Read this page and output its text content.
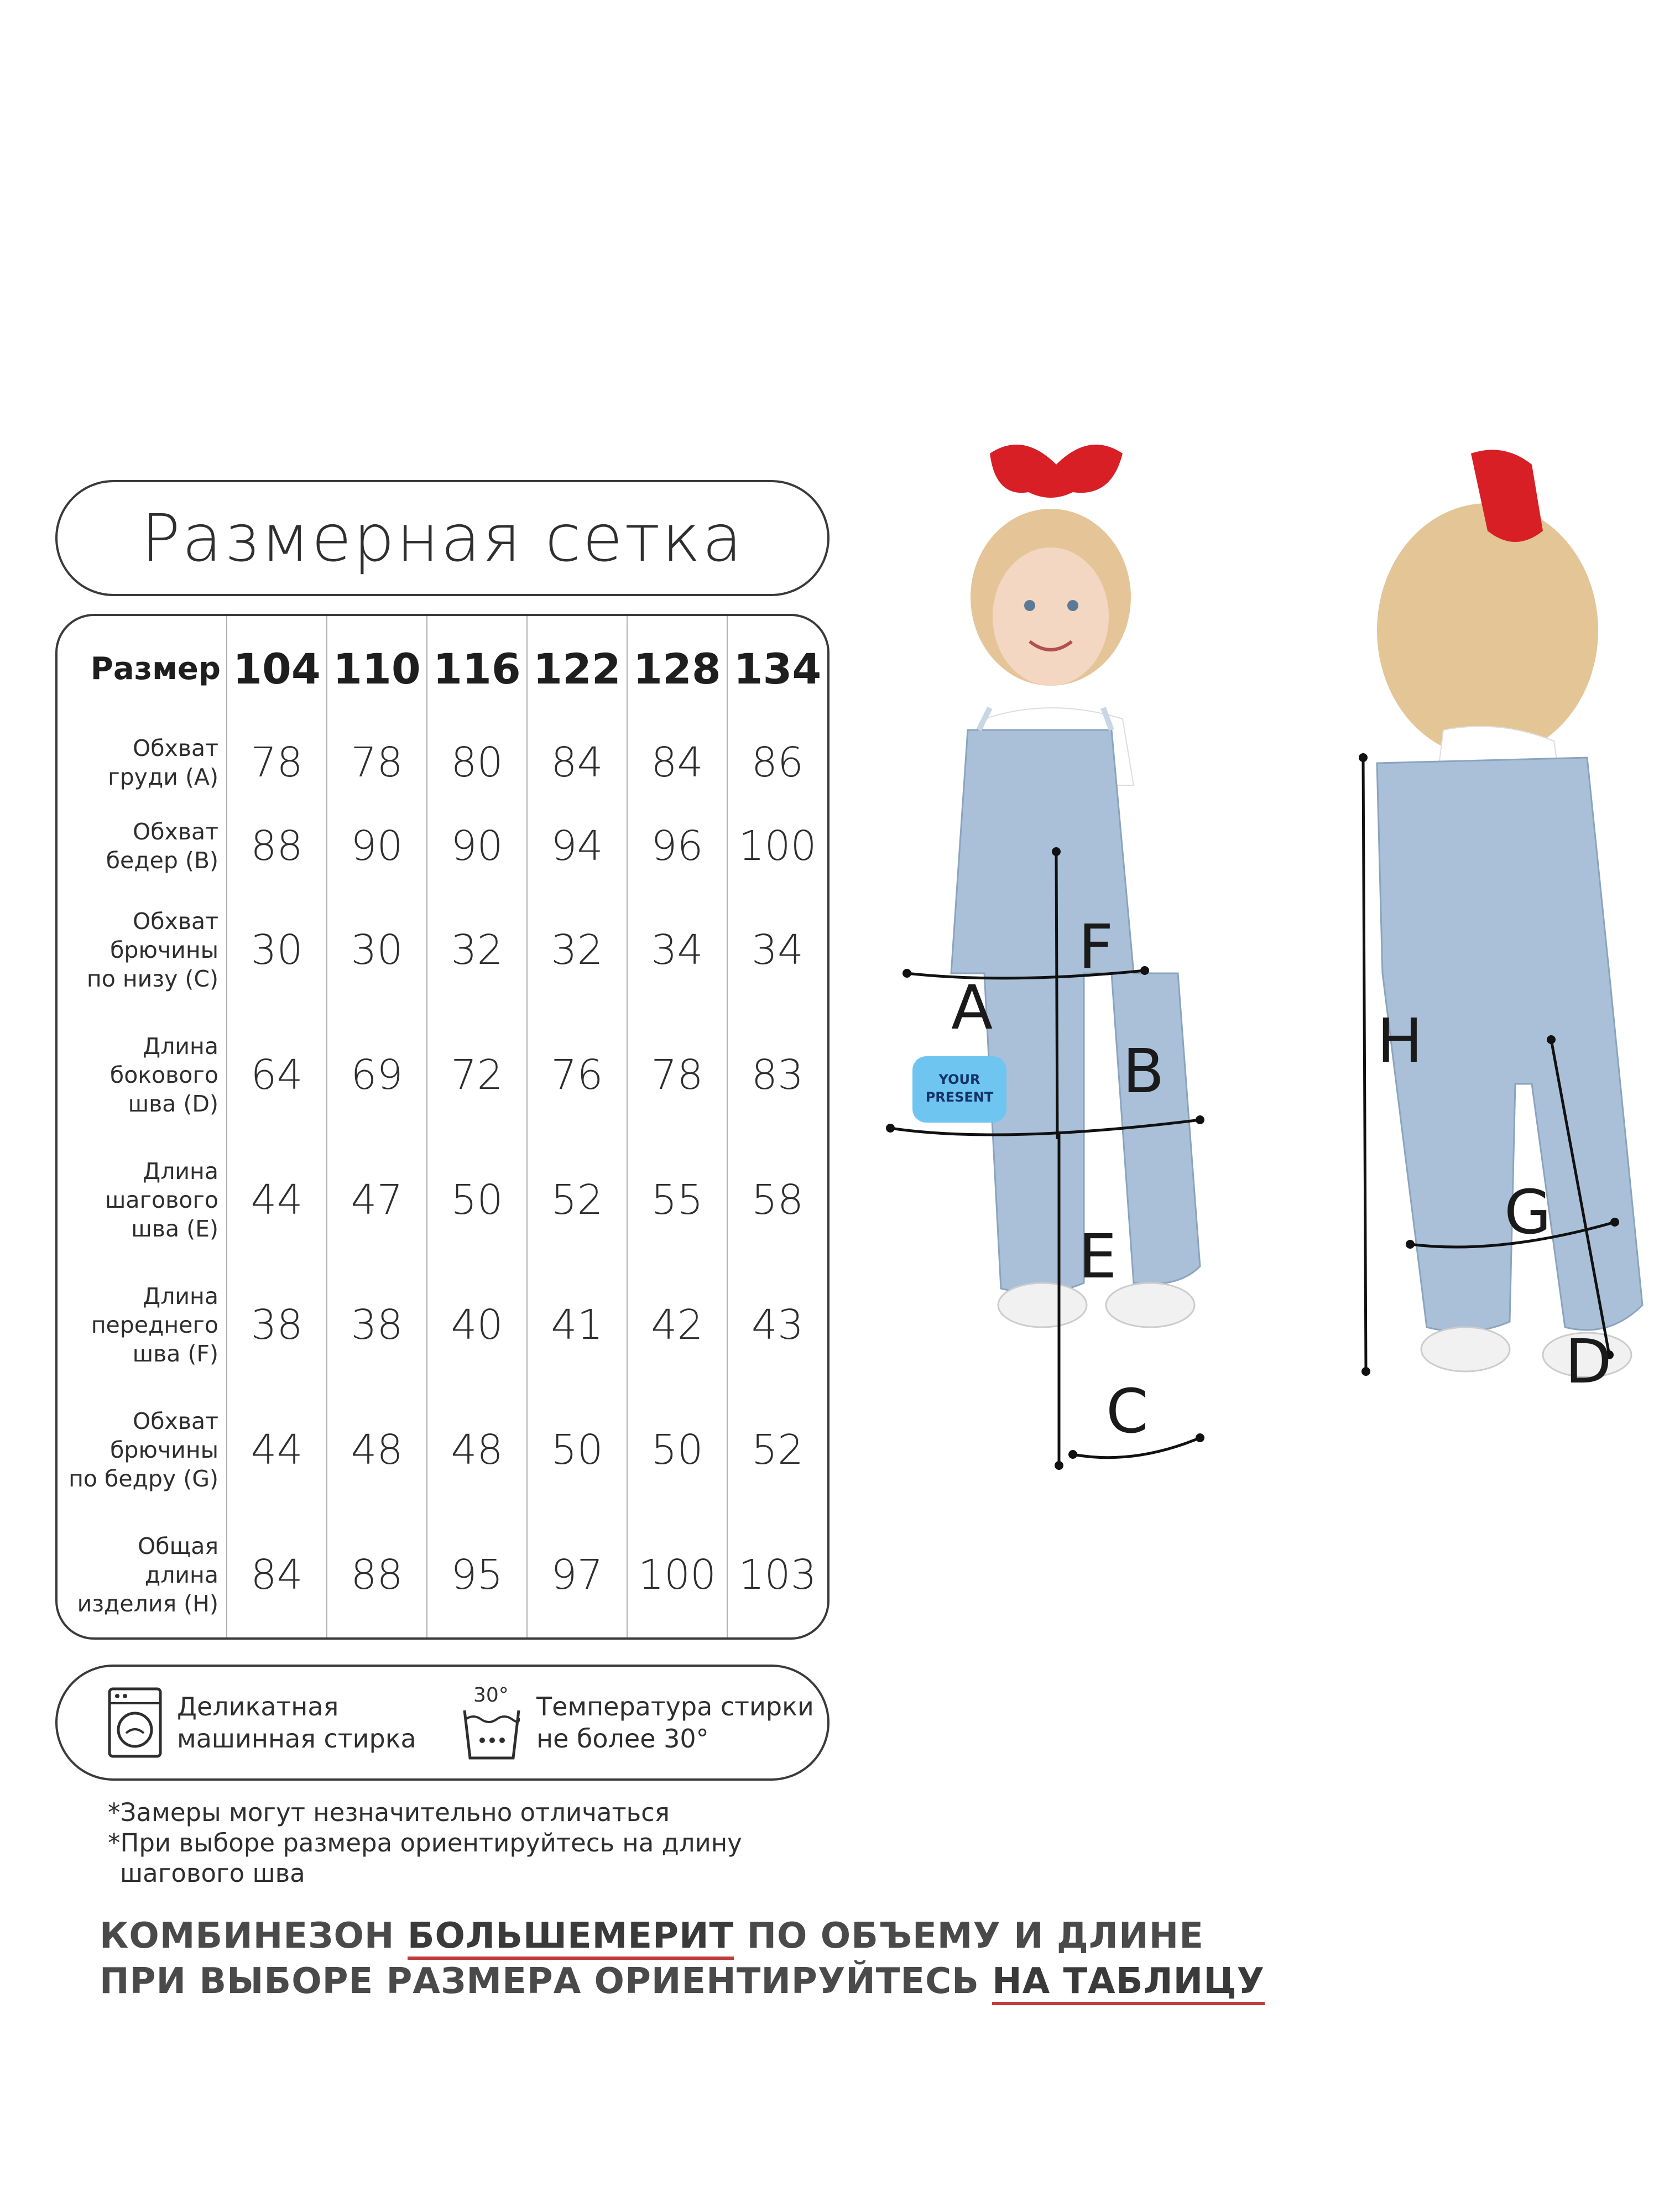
Размерная сетка
Размер	104	110	116	122	128	134

Обхват
груди (A)	78	78	80	84	84	86

Обхват
бедер (B)	88	90	90	94	96	100

Обхват
брючины
по низу (C)	30	30	32	32	34	34

Длина
бокового
шва (D)	64	69	72	76	78	83

Длина
шагового
шва (E)	44	47	50	52	55	58

Длина
переднего
шва (F)	38	38	40	41	42	43

Обхват
брючины
по бедру (G)	44	48	48	50	50	52

Общая
длина
изделия (H)	84	88	95	97	100	103
Деликатная
машинная стирка
30° Температура стирки
не более 30°
*Замеры могут незначительно отличаться
*При выборе размера ориентируйтесь на длину
шагового шва
КОМБИНЕЗОН БОЛЬШЕМЕРИТ ПО ОБЪЕМУ И ДЛИНЕ
ПРИ ВЫБОРЕ РАЗМЕРА ОРИЕНТИРУЙТЕСЬ НА ТАБЛИЦУ
YOUR
PRESENT
A
B
C
E
F
H
D
G
